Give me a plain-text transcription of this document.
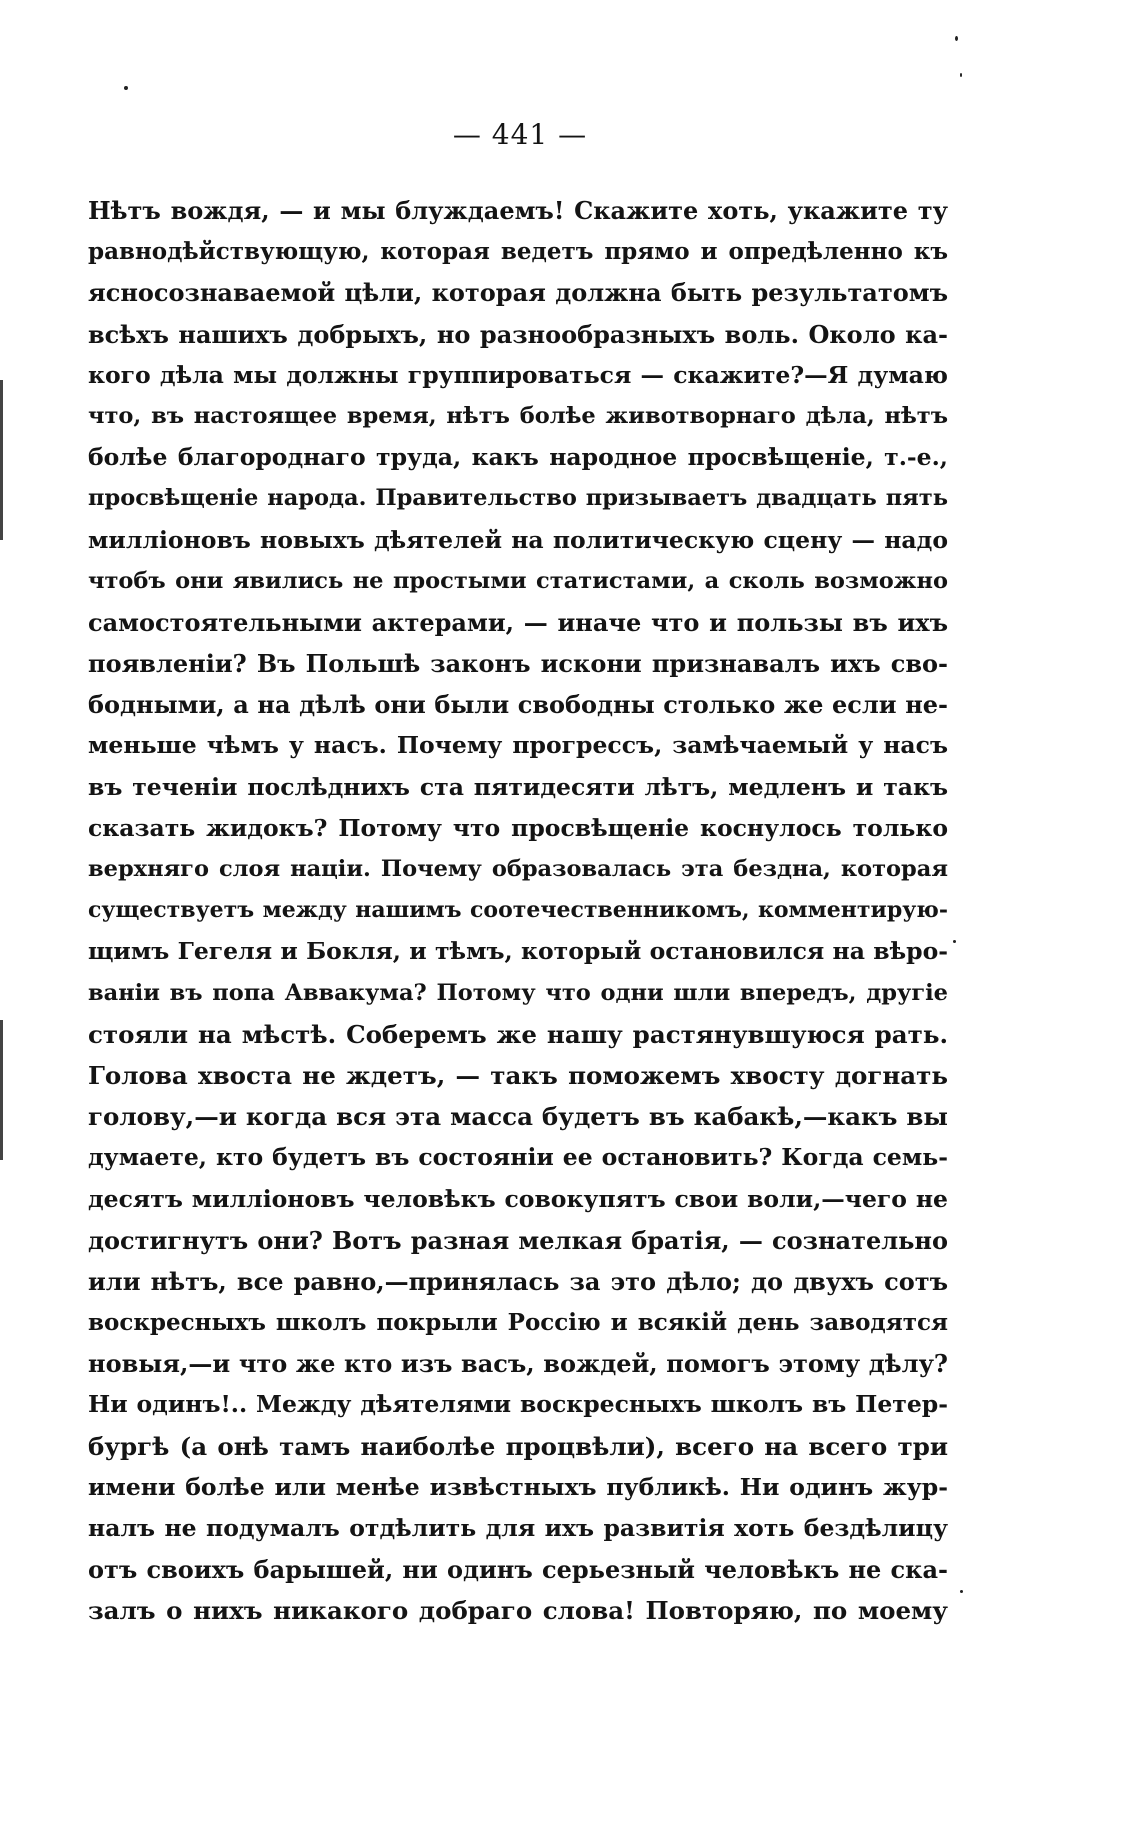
— 441 —
Нѣтъ вождя, — и мы блуждаемъ! Скажите хоть, укажите ту
равнодѣйствующую, которая ведетъ прямо и опредѣленно къ
ясносознаваемой цѣли, которая должна быть результатомъ
всѣхъ нашихъ добрыхъ, но разнообразныхъ воль. Около ка-
кого дѣла мы должны группироваться — скажите?—Я думаю
что, въ настоящее время, нѣтъ болѣе животворнаго дѣла, нѣтъ
болѣе благороднаго труда, какъ народное просвѣщеніе, т.-е.,
просвѣщеніе народа. Правительство призываетъ двадцать пять
милліоновъ новыхъ дѣятелей на политическую сцену — надо
чтобъ они явились не простыми статистами, а сколь возможно
самостоятельными актерами, — иначе что и пользы въ ихъ
появленіи? Въ Польшѣ законъ искони признавалъ ихъ сво-
бодными, а на дѣлѣ они были свободны столько же если не-
меньше чѣмъ у насъ. Почему прогрессъ, замѣчаемый у насъ
въ теченіи послѣднихъ ста пятидесяти лѣтъ, медленъ и такъ
сказать жидокъ? Потому что просвѣщеніе коснулось только
верхняго слоя націи. Почему образовалась эта бездна, которая
существуетъ между нашимъ соотечественникомъ, комментирую-
щимъ Гегеля и Бокля, и тѣмъ, который остановился на вѣро-
ваніи въ попа Аввакума? Потому что одни шли впередъ, другіе
стояли на мѣстѣ. Соберемъ же нашу растянувшуюся рать.
Голова хвоста не ждетъ, — такъ поможемъ хвосту догнать
голову,—и когда вся эта масса будетъ въ кабакѣ,—какъ вы
думаете, кто будетъ въ состояніи ее остановить? Когда семь-
десятъ милліоновъ человѣкъ совокупятъ свои воли,—чего не
достигнутъ они? Вотъ разная мелкая братія, — сознательно
или нѣтъ, все равно,—принялась за это дѣло; до двухъ сотъ
воскресныхъ школъ покрыли Россію и всякій день заводятся
новыя,—и что же кто изъ васъ, вождей, помогъ этому дѣлу?
Ни одинъ!.. Между дѣятелями воскресныхъ школъ въ Петер-
бургѣ (а онѣ тамъ наиболѣе процвѣли), всего на всего три
имени болѣе или менѣе извѣстныхъ публикѣ. Ни одинъ жур-
налъ не подумалъ отдѣлить для ихъ развитія хоть бездѣлицу
отъ своихъ барышей, ни одинъ серьезный человѣкъ не ска-
залъ о нихъ никакого добраго слова! Повторяю, по моему
